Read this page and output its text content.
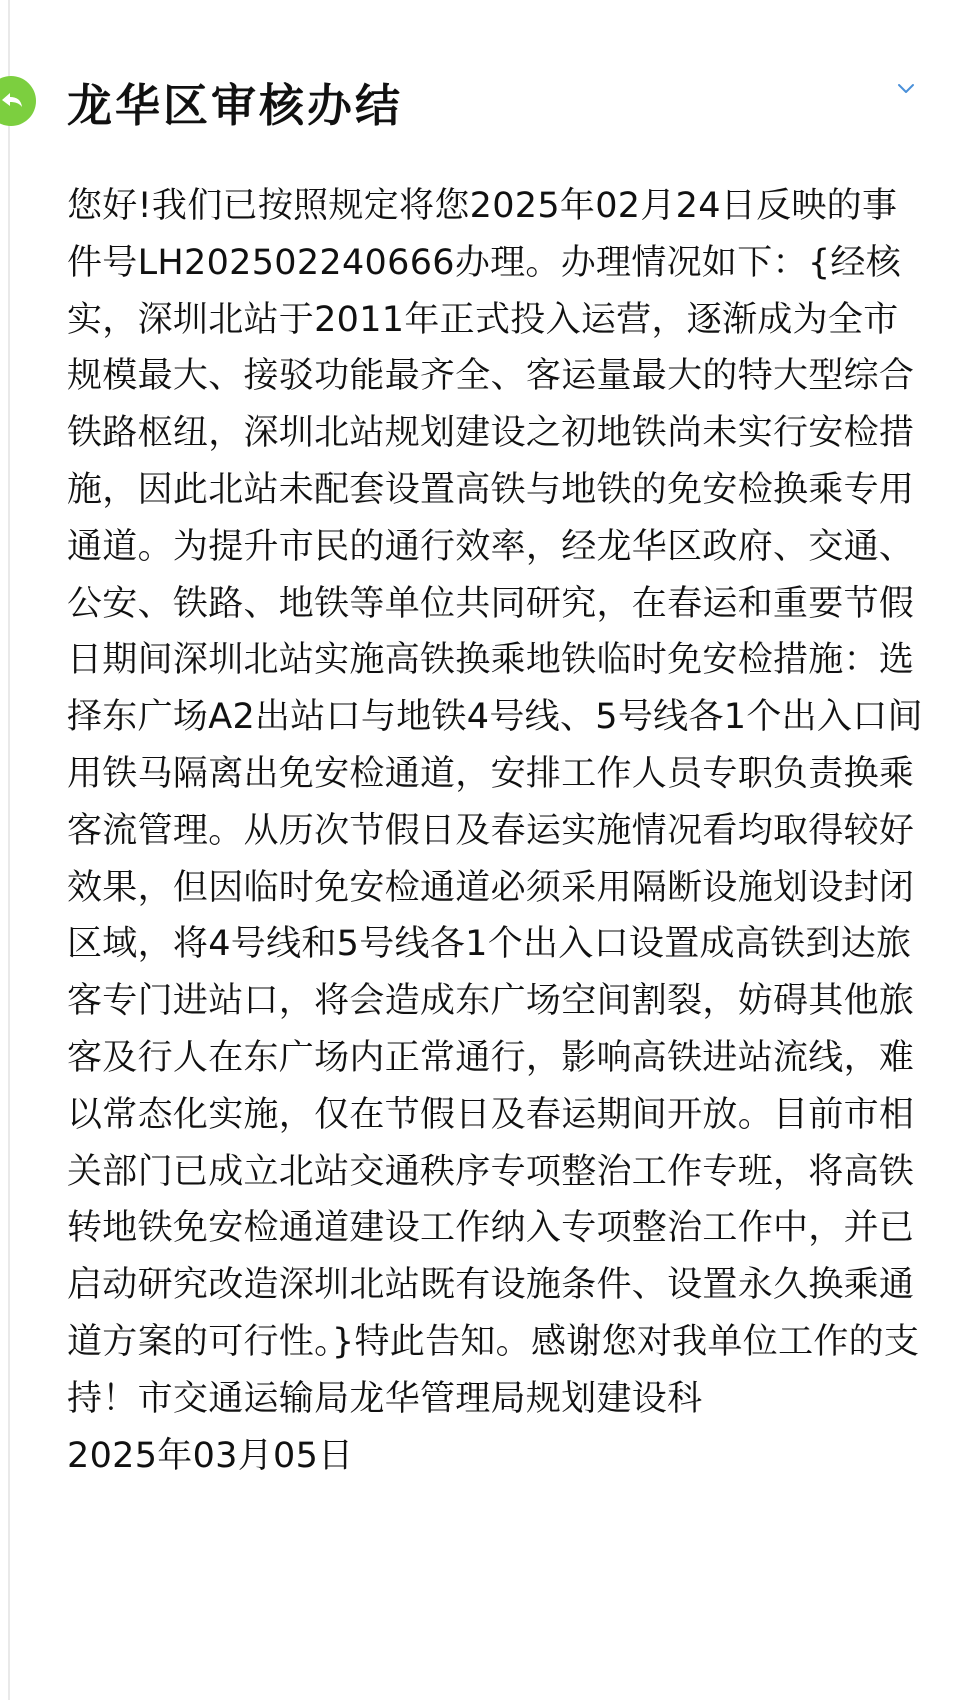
龙华区审核办结

您好!我们已按照规定将您2025年02月24日反映的事件号LH202502240666办理。办理情况如下：{经核实，深圳北站于2011年正式投入运营，逐渐成为全市规模最大、接驳功能最齐全、客运量最大的特大型综合铁路枢纽，深圳北站规划建设之初地铁尚未实行安检措施，因此北站未配套设置高铁与地铁的免安检换乘专用通道。为提升市民的通行效率，经龙华区政府、交通、公安、铁路、地铁等单位共同研究，在春运和重要节假日期间深圳北站实施高铁换乘地铁临时免安检措施：选择东广场A2出站口与地铁4号线、5号线各1个出入口间用铁马隔离出免安检通道，安排工作人员专职负责换乘客流管理。从历次节假日及春运实施情况看均取得较好效果，但因临时免安检通道必须采用隔断设施划设封闭区域，将4号线和5号线各1个出入口设置成高铁到达旅客专门进站口，将会造成东广场空间割裂，妨碍其他旅客及行人在东广场内正常通行，影响高铁进站流线，难以常态化实施，仅在节假日及春运期间开放。目前市相关部门已成立北站交通秩序专项整治工作专班，将高铁转地铁免安检通道建设工作纳入专项整治工作中，并已启动研究改造深圳北站既有设施条件、设置永久换乘通道方案的可行性。}特此告知。感谢您对我单位工作的支持！市交通运输局龙华管理局规划建设科
2025年03月05日
